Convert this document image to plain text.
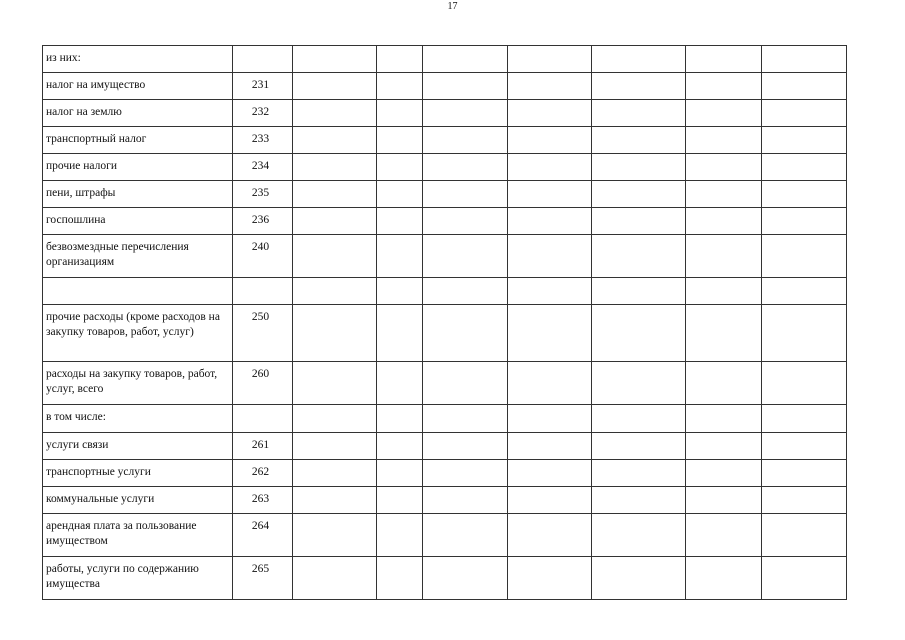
17
из них:								
налог на имущество	231							
налог на землю	232							
транспортный налог	233							
прочие налоги	234							
пени, штрафы	235							
госпошлина	236							
безвозмездные перечисления организациям	240							

прочие расходы (кроме расходов на закупку товаров, работ, услуг)	250							
расходы на закупку товаров, работ, услуг, всего	260							
в том числе:								
услуги связи	261							
транспортные услуги	262							
коммунальные услуги	263							
арендная плата за пользование имуществом	264							
работы, услуги по содержанию имущества	265							
